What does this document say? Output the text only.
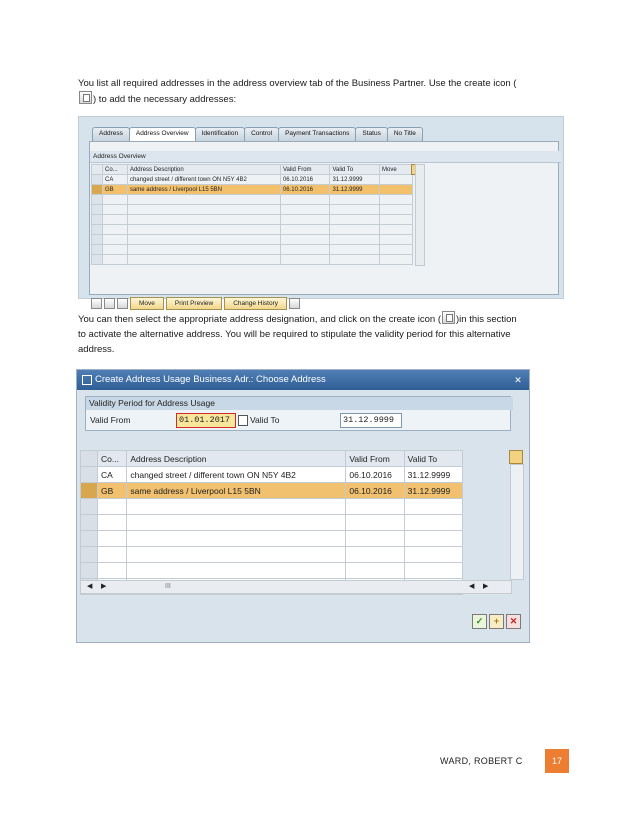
You list all required addresses in the address overview tab of the Business Partner. Use the create icon (
) to add the necessary addresses:
Address	Address Overview	Identification	Control	Payment Transactions	Status	No Title
Address Overview
	Co...	Address Description	Valid From	Valid To	Move
	CA	changed street / different town ON N5Y 4B2	06.10.2016	31.12.9999	
	GB	same address / Liverpool L15 5BN	06.10.2016	31.12.9999	

Move	Print Preview	Change History
You can then select the appropriate address designation, and click on the create icon ( )in this section
to activate the alternative address. You will be required to stipulate the validity period for this alternative
address.
Create Address Usage Business Adr.: Choose Address	✕
Validity Period for Address Usage
Valid From	01.01.2017	Valid To	31.12.9999
	Co...	Address Description	Valid From	Valid To
	CA	changed street / different town ON N5Y 4B2	06.10.2016	31.12.9999
	GB	same address / Liverpool L15 5BN	06.10.2016	31.12.9999

◀ ▶	III	◀ ▶
✓	+	✕
WARD, ROBERT C	17
